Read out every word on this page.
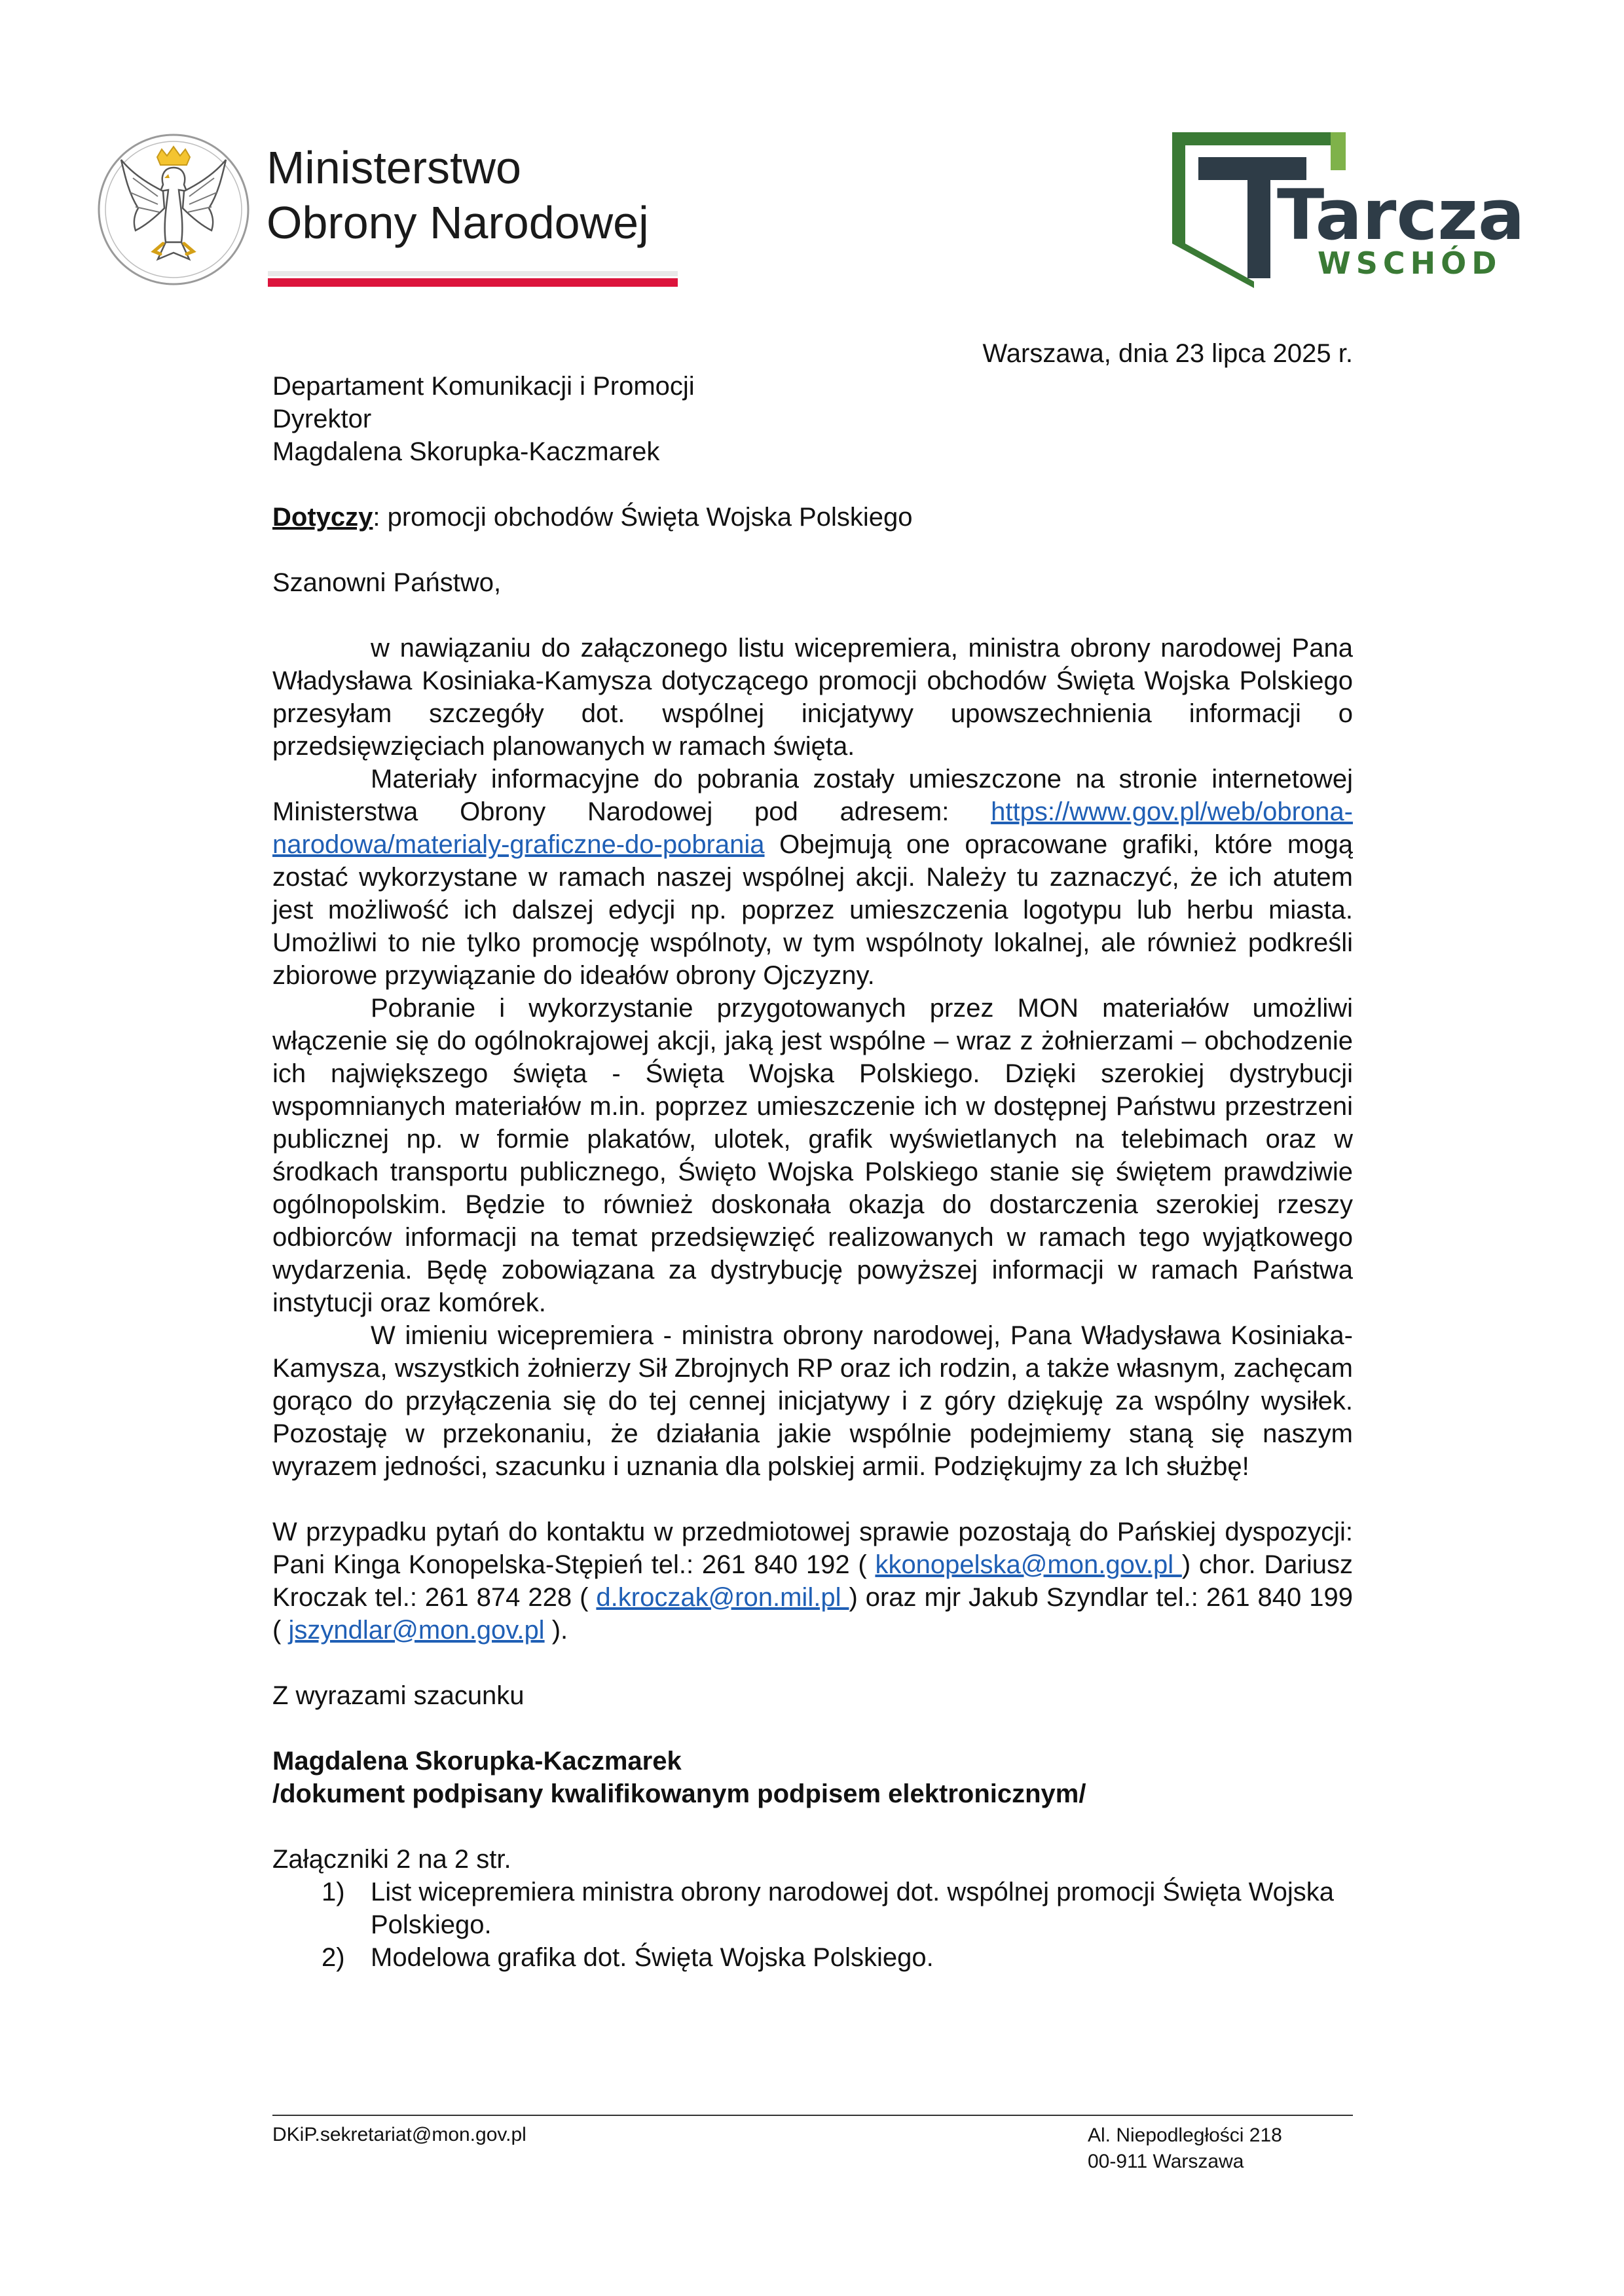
Ministerstwo
Obrony Narodowej	Tarcza
WSCHÓD

Warszawa, dnia 23 lipca 2025 r.

Departament Komunikacji i Promocji
Dyrektor
Magdalena Skorupka-Kaczmarek

Dotyczy: promocji obchodów Święta Wojska Polskiego

Szanowni Państwo,

w nawiązaniu do załączonego listu wicepremiera, ministra obrony narodowej Pana Władysława Kosiniaka-Kamysza dotyczącego promocji obchodów Święta Wojska Polskiego przesyłam szczegóły dot. wspólnej inicjatywy upowszechnienia informacji o przedsięwzięciach planowanych w ramach święta.

Materiały informacyjne do pobrania zostały umieszczone na stronie internetowej Ministerstwa Obrony Narodowej pod adresem: https://www.gov.pl/web/obrona-narodowa/materialy-graficzne-do-pobrania Obejmują one opracowane grafiki, które mogą zostać wykorzystane w ramach naszej wspólnej akcji. Należy tu zaznaczyć, że ich atutem jest możliwość ich dalszej edycji np. poprzez umieszczenia logotypu lub herbu miasta. Umożliwi to nie tylko promocję wspólnoty, w tym wspólnoty lokalnej, ale również podkreśli zbiorowe przywiązanie do ideałów obrony Ojczyzny.

Pobranie i wykorzystanie przygotowanych przez MON materiałów umożliwi włączenie się do ogólnokrajowej akcji, jaką jest wspólne – wraz z żołnierzami – obchodzenie ich największego święta - Święta Wojska Polskiego. Dzięki szerokiej dystrybucji wspomnianych materiałów m.in. poprzez umieszczenie ich w dostępnej Państwu przestrzeni publicznej np. w formie plakatów, ulotek, grafik wyświetlanych na telebimach oraz w środkach transportu publicznego, Święto Wojska Polskiego stanie się świętem prawdziwie ogólnopolskim. Będzie to również doskonała okazja do dostarczenia szerokiej rzeszy odbiorców informacji na temat przedsięwzięć realizowanych w ramach tego wyjątkowego wydarzenia. Będę zobowiązana za dystrybucję powyższej informacji w ramach Państwa instytucji oraz komórek.

W imieniu wicepremiera - ministra obrony narodowej, Pana Władysława Kosiniaka-Kamysza, wszystkich żołnierzy Sił Zbrojnych RP oraz ich rodzin, a także własnym, zachęcam gorąco do przyłączenia się do tej cennej inicjatywy i z góry dziękuję za wspólny wysiłek. Pozostaję w przekonaniu, że działania jakie wspólnie podejmiemy staną się naszym wyrazem jedności, szacunku i uznania dla polskiej armii. Podziękujmy za Ich służbę!

W przypadku pytań do kontaktu w przedmiotowej sprawie pozostają do Pańskiej dyspozycji: Pani Kinga Konopelska-Stępień tel.: 261 840 192 ( kkonopelska@mon.gov.pl ) chor. Dariusz Kroczak tel.: 261 874 228 ( d.kroczak@ron.mil.pl ) oraz mjr Jakub Szyndlar tel.: 261 840 199 ( jszyndlar@mon.gov.pl ).

Z wyrazami szacunku

Magdalena Skorupka-Kaczmarek
/dokument podpisany kwalifikowanym podpisem elektronicznym/
Załączniki 2 na 2 str.
1) List wicepremiera ministra obrony narodowej dot. wspólnej promocji Święta Wojska Polskiego.
2) Modelowa grafika dot. Święta Wojska Polskiego.
DKiP.sekretariat@mon.gov.pl	Al. Niepodległości 218
00-911 Warszawa
